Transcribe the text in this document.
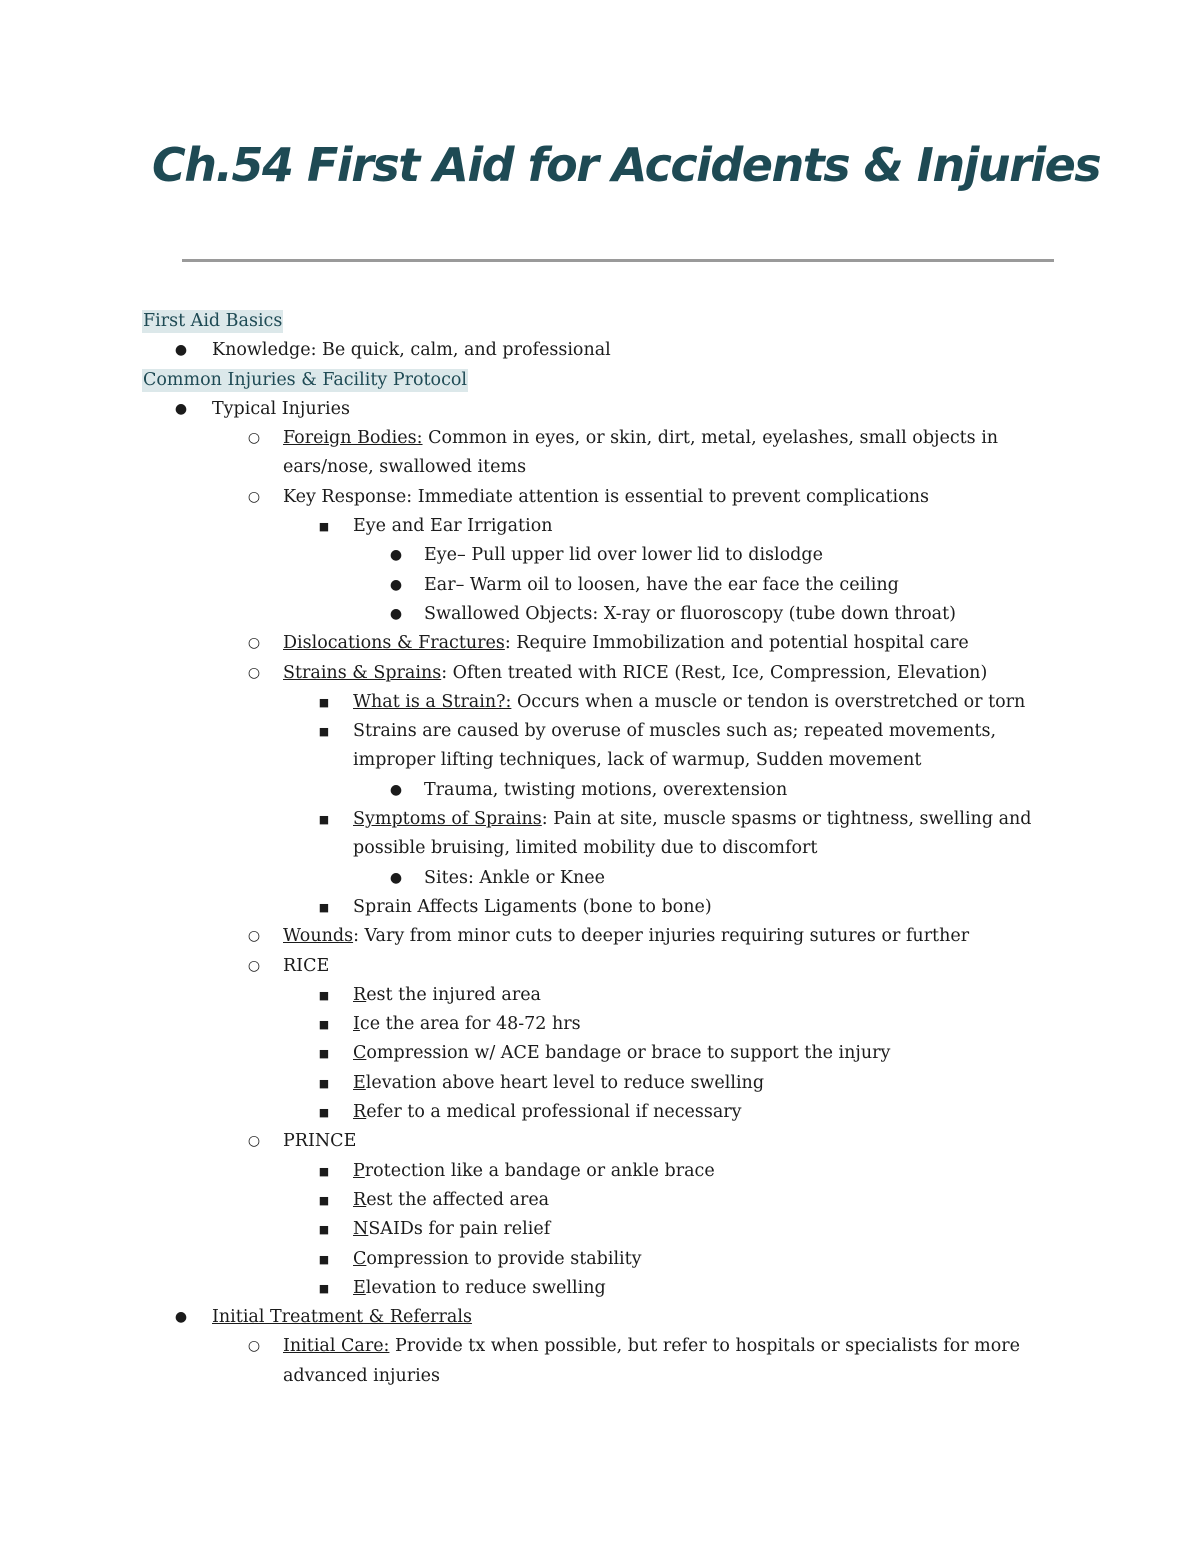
Ch.54 First Aid for Accidents & Injuries
First Aid Basics
● Knowledge: Be quick, calm, and professional
Common Injuries & Facility Protocol
● Typical Injuries
○ Foreign Bodies: Common in eyes, or skin, dirt, metal, eyelashes, small objects in ears/nose, swallowed items
○ Key Response: Immediate attention is essential to prevent complications
■ Eye and Ear Irrigation
● Eye– Pull upper lid over lower lid to dislodge
● Ear– Warm oil to loosen, have the ear face the ceiling
● Swallowed Objects: X-ray or fluoroscopy (tube down throat)
○ Dislocations & Fractures: Require Immobilization and potential hospital care
○ Strains & Sprains: Often treated with RICE (Rest, Ice, Compression, Elevation)
■ What is a Strain?: Occurs when a muscle or tendon is overstretched or torn
■ Strains are caused by overuse of muscles such as; repeated movements, improper lifting techniques, lack of warmup, Sudden movement
● Trauma, twisting motions, overextension
■ Symptoms of Sprains: Pain at site, muscle spasms or tightness, swelling and possible bruising, limited mobility due to discomfort
● Sites: Ankle or Knee
■ Sprain Affects Ligaments (bone to bone)
○ Wounds: Vary from minor cuts to deeper injuries requiring sutures or further
○ RICE
■ Rest the injured area
■ Ice the area for 48-72 hrs
■ Compression w/ ACE bandage or brace to support the injury
■ Elevation above heart level to reduce swelling
■ Refer to a medical professional if necessary
○ PRINCE
■ Protection like a bandage or ankle brace
■ Rest the affected area
■ NSAIDs for pain relief
■ Compression to provide stability
■ Elevation to reduce swelling
● Initial Treatment & Referrals
○ Initial Care: Provide tx when possible, but refer to hospitals or specialists for more advanced injuries
